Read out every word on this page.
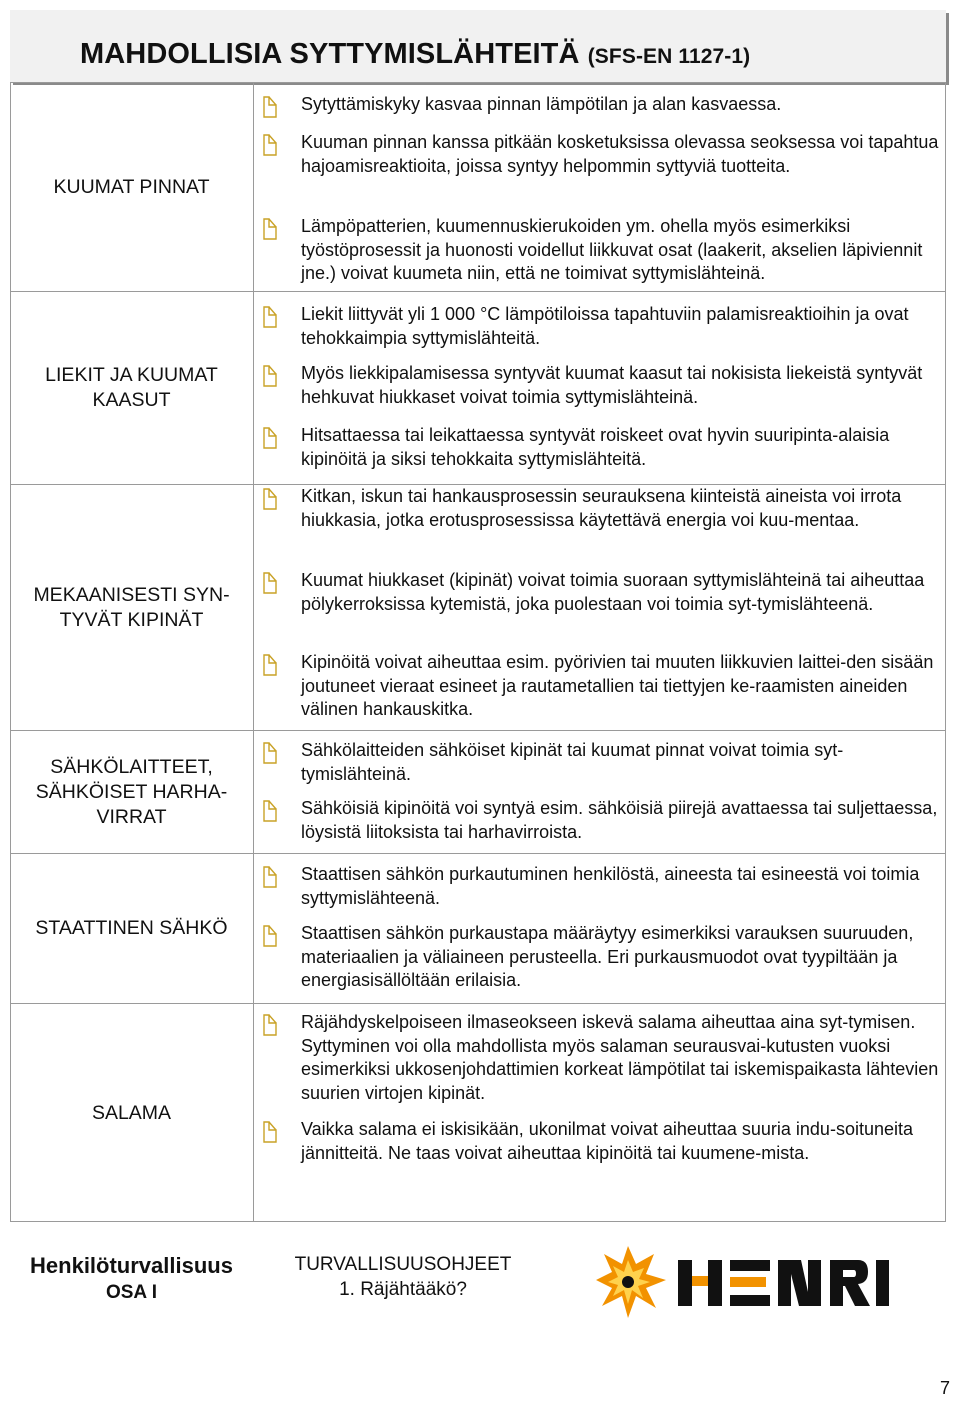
MAHDOLLISIA SYTTYMISLÄHTEITÄ (SFS-EN 1127-1)
KUUMAT PINNAT
LIEKIT JA KUUMAT KAASUT
MEKAANISESTI SYN-TYVÄT KIPINÄT
SÄHKÖLAITTEET, SÄHKÖISET HARHA-VIRRAT
STAATTINEN SÄHKÖ
SALAMA
Sytyttämiskyky kasvaa pinnan lämpötilan ja alan kasvaessa.
Kuuman pinnan kanssa pitkään kosketuksissa olevassa seoksessa voi tapahtua hajoamisreaktioita, joissa syntyy helpommin syttyviä tuotteita.
Lämpöpatterien, kuumennuskierukoiden ym. ohella myös esimerkiksi työstöprosessit ja huonosti voidellut liikkuvat osat (laakerit, akselien läpiviennit jne.) voivat kuumeta niin, että ne toimivat syttymislähteinä.
Liekit liittyvät yli 1 000 °C lämpötiloissa tapahtuviin palamisreaktioihin ja ovat tehokkaimpia syttymislähteitä.
Myös liekkipalamisessa syntyvät kuumat kaasut tai nokisista liekeistä syntyvät hehkuvat hiukkaset voivat toimia syttymislähteinä.
Hitsattaessa tai leikattaessa syntyvät roiskeet ovat hyvin suuripinta-alaisia kipinöitä ja siksi tehokkaita syttymislähteitä.
Kitkan, iskun tai hankausprosessin seurauksena kiinteistä aineista voi irrota hiukkasia, jotka erotusprosessissa käytettävä energia voi kuu-mentaa.
Kuumat hiukkaset (kipinät) voivat toimia suoraan syttymislähteinä tai aiheuttaa pölykerroksissa kytemistä, joka puolestaan voi toimia syt-tymislähteenä.
Kipinöitä voivat aiheuttaa esim. pyörivien tai muuten liikkuvien laittei-den sisään joutuneet vieraat esineet ja rautametallien tai tiettyjen ke-raamisten aineiden välinen hankauskitka.
Sähkölaitteiden sähköiset kipinät tai kuumat pinnat voivat toimia syt-tymislähteinä.
Sähköisiä kipinöitä voi syntyä esim. sähköisiä piirejä avattaessa tai suljettaessa, löysistä liitoksista tai harhavirroista.
Staattisen sähkön purkautuminen henkilöstä, aineesta tai esineestä voi toimia syttymislähteenä.
Staattisen sähkön purkaustapa määräytyy esimerkiksi varauksen suuruuden, materiaalien ja väliaineen perusteella. Eri purkausmuodot ovat tyypiltään ja energiasisällöltään erilaisia.
Räjähdyskelpoiseen ilmaseokseen iskevä salama aiheuttaa aina syt-tymisen. Syttyminen voi olla mahdollista myös salaman seurausvai-kutusten vuoksi esimerkiksi ukkosenjohdattimien korkeat lämpötilat tai iskemispaikasta lähtevien suurien virtojen kipinät.
Vaikka salama ei iskisikään, ukonilmat voivat aiheuttaa suuria indu-soituneita jännitteitä. Ne taas voivat aiheuttaa kipinöitä tai kuumene-mista.
Henkilöturvallisuus
OSA I
TURVALLISUUSOHJEET
1. Räjähtääkö?
7
